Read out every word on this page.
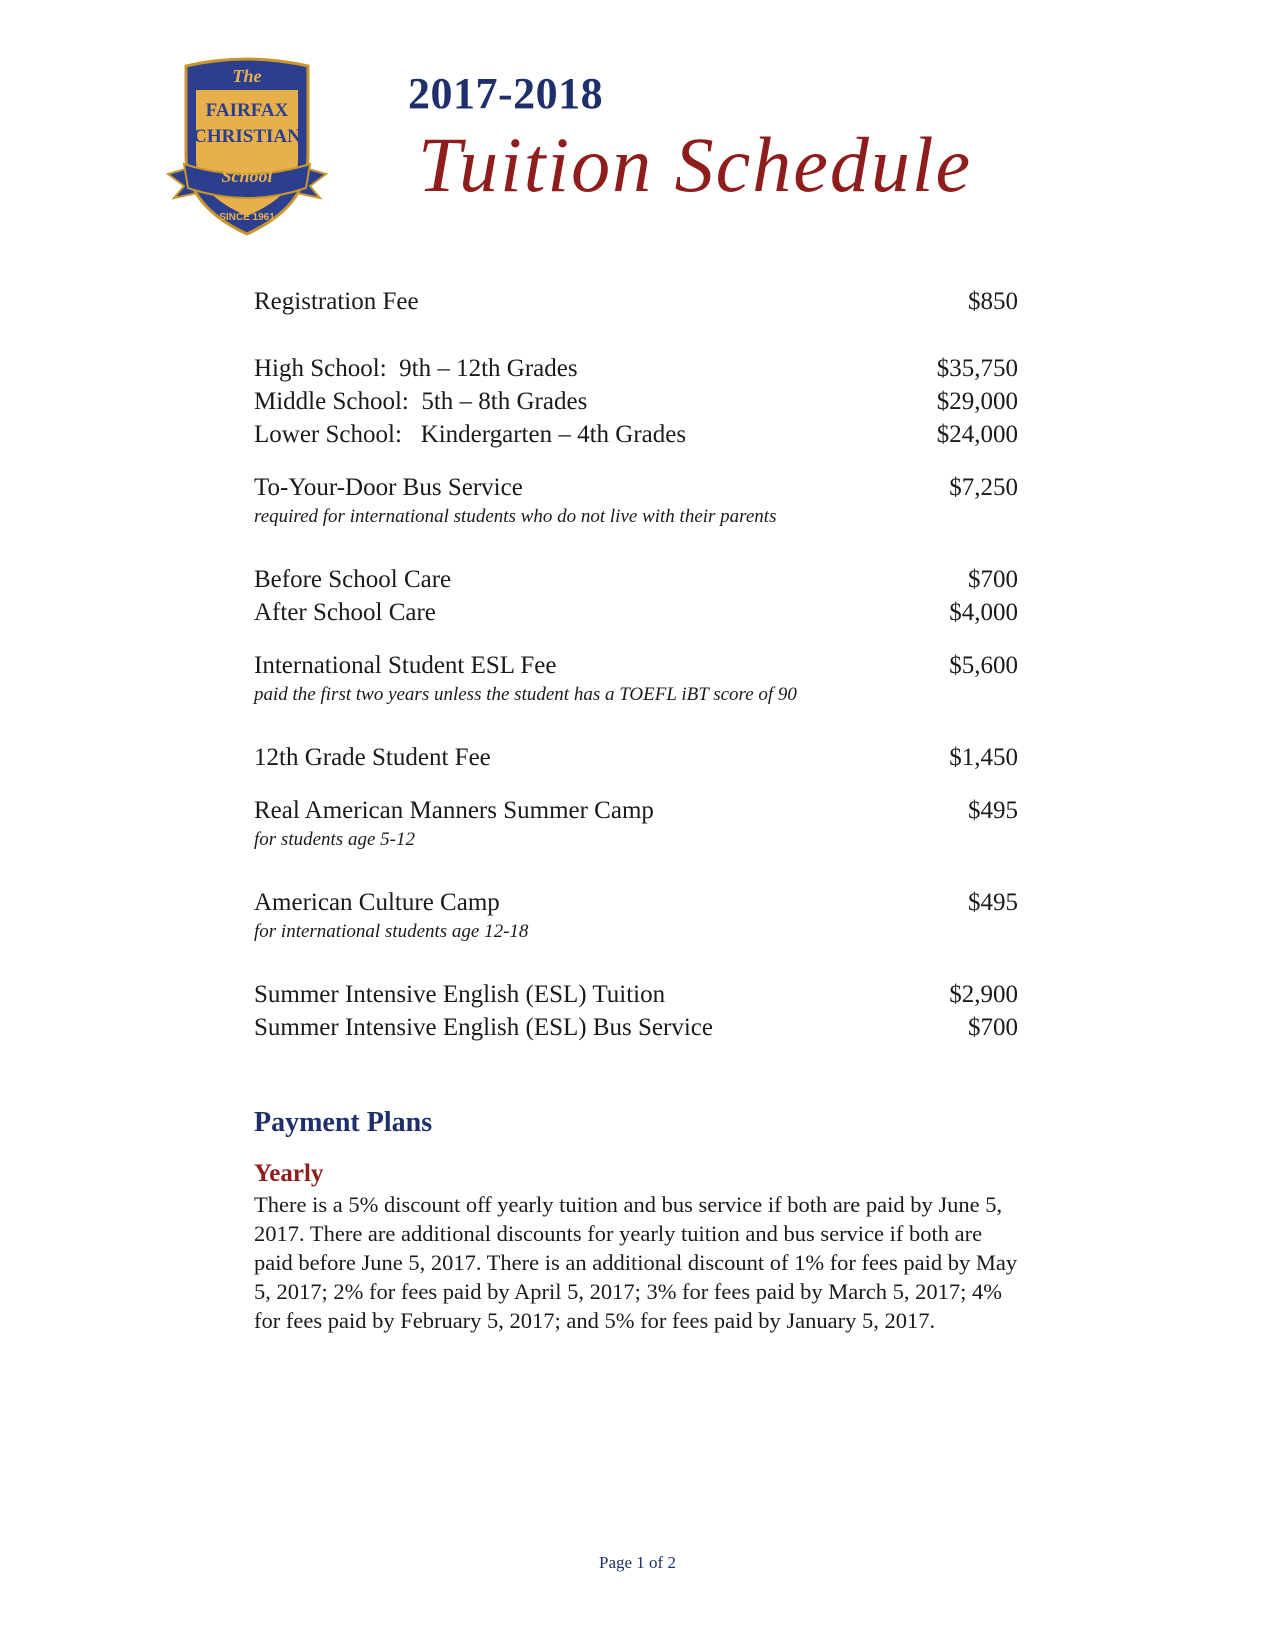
The
FAIRFAX
CHRISTIAN
School
SINCE 1961
2017-2018
Tuition Schedule
Registration Fee	$850
High School:  9th – 12th Grades	$35,750
Middle School:  5th – 8th Grades	$29,000
Lower School:   Kindergarten – 4th Grades	$24,000
To-Your-Door Bus Service	$7,250
required for international students who do not live with their parents
Before School Care	$700
After School Care	$4,000
International Student ESL Fee	$5,600
paid the first two years unless the student has a TOEFL iBT score of 90
12th Grade Student Fee	$1,450
Real American Manners Summer Camp	$495
for students age 5-12
American Culture Camp	$495
for international students age 12-18
Summer Intensive English (ESL) Tuition	$2,900
Summer Intensive English (ESL) Bus Service	$700
Payment Plans
Yearly
There is a 5% discount off yearly tuition and bus service if both are paid by June 5, 2017. There are additional discounts for yearly tuition and bus service if both are paid before June 5, 2017. There is an additional discount of 1% for fees paid by May 5, 2017; 2% for fees paid by April 5, 2017; 3% for fees paid by March 5, 2017; 4% for fees paid by February 5, 2017; and 5% for fees paid by January 5, 2017.
Page 1 of 2
